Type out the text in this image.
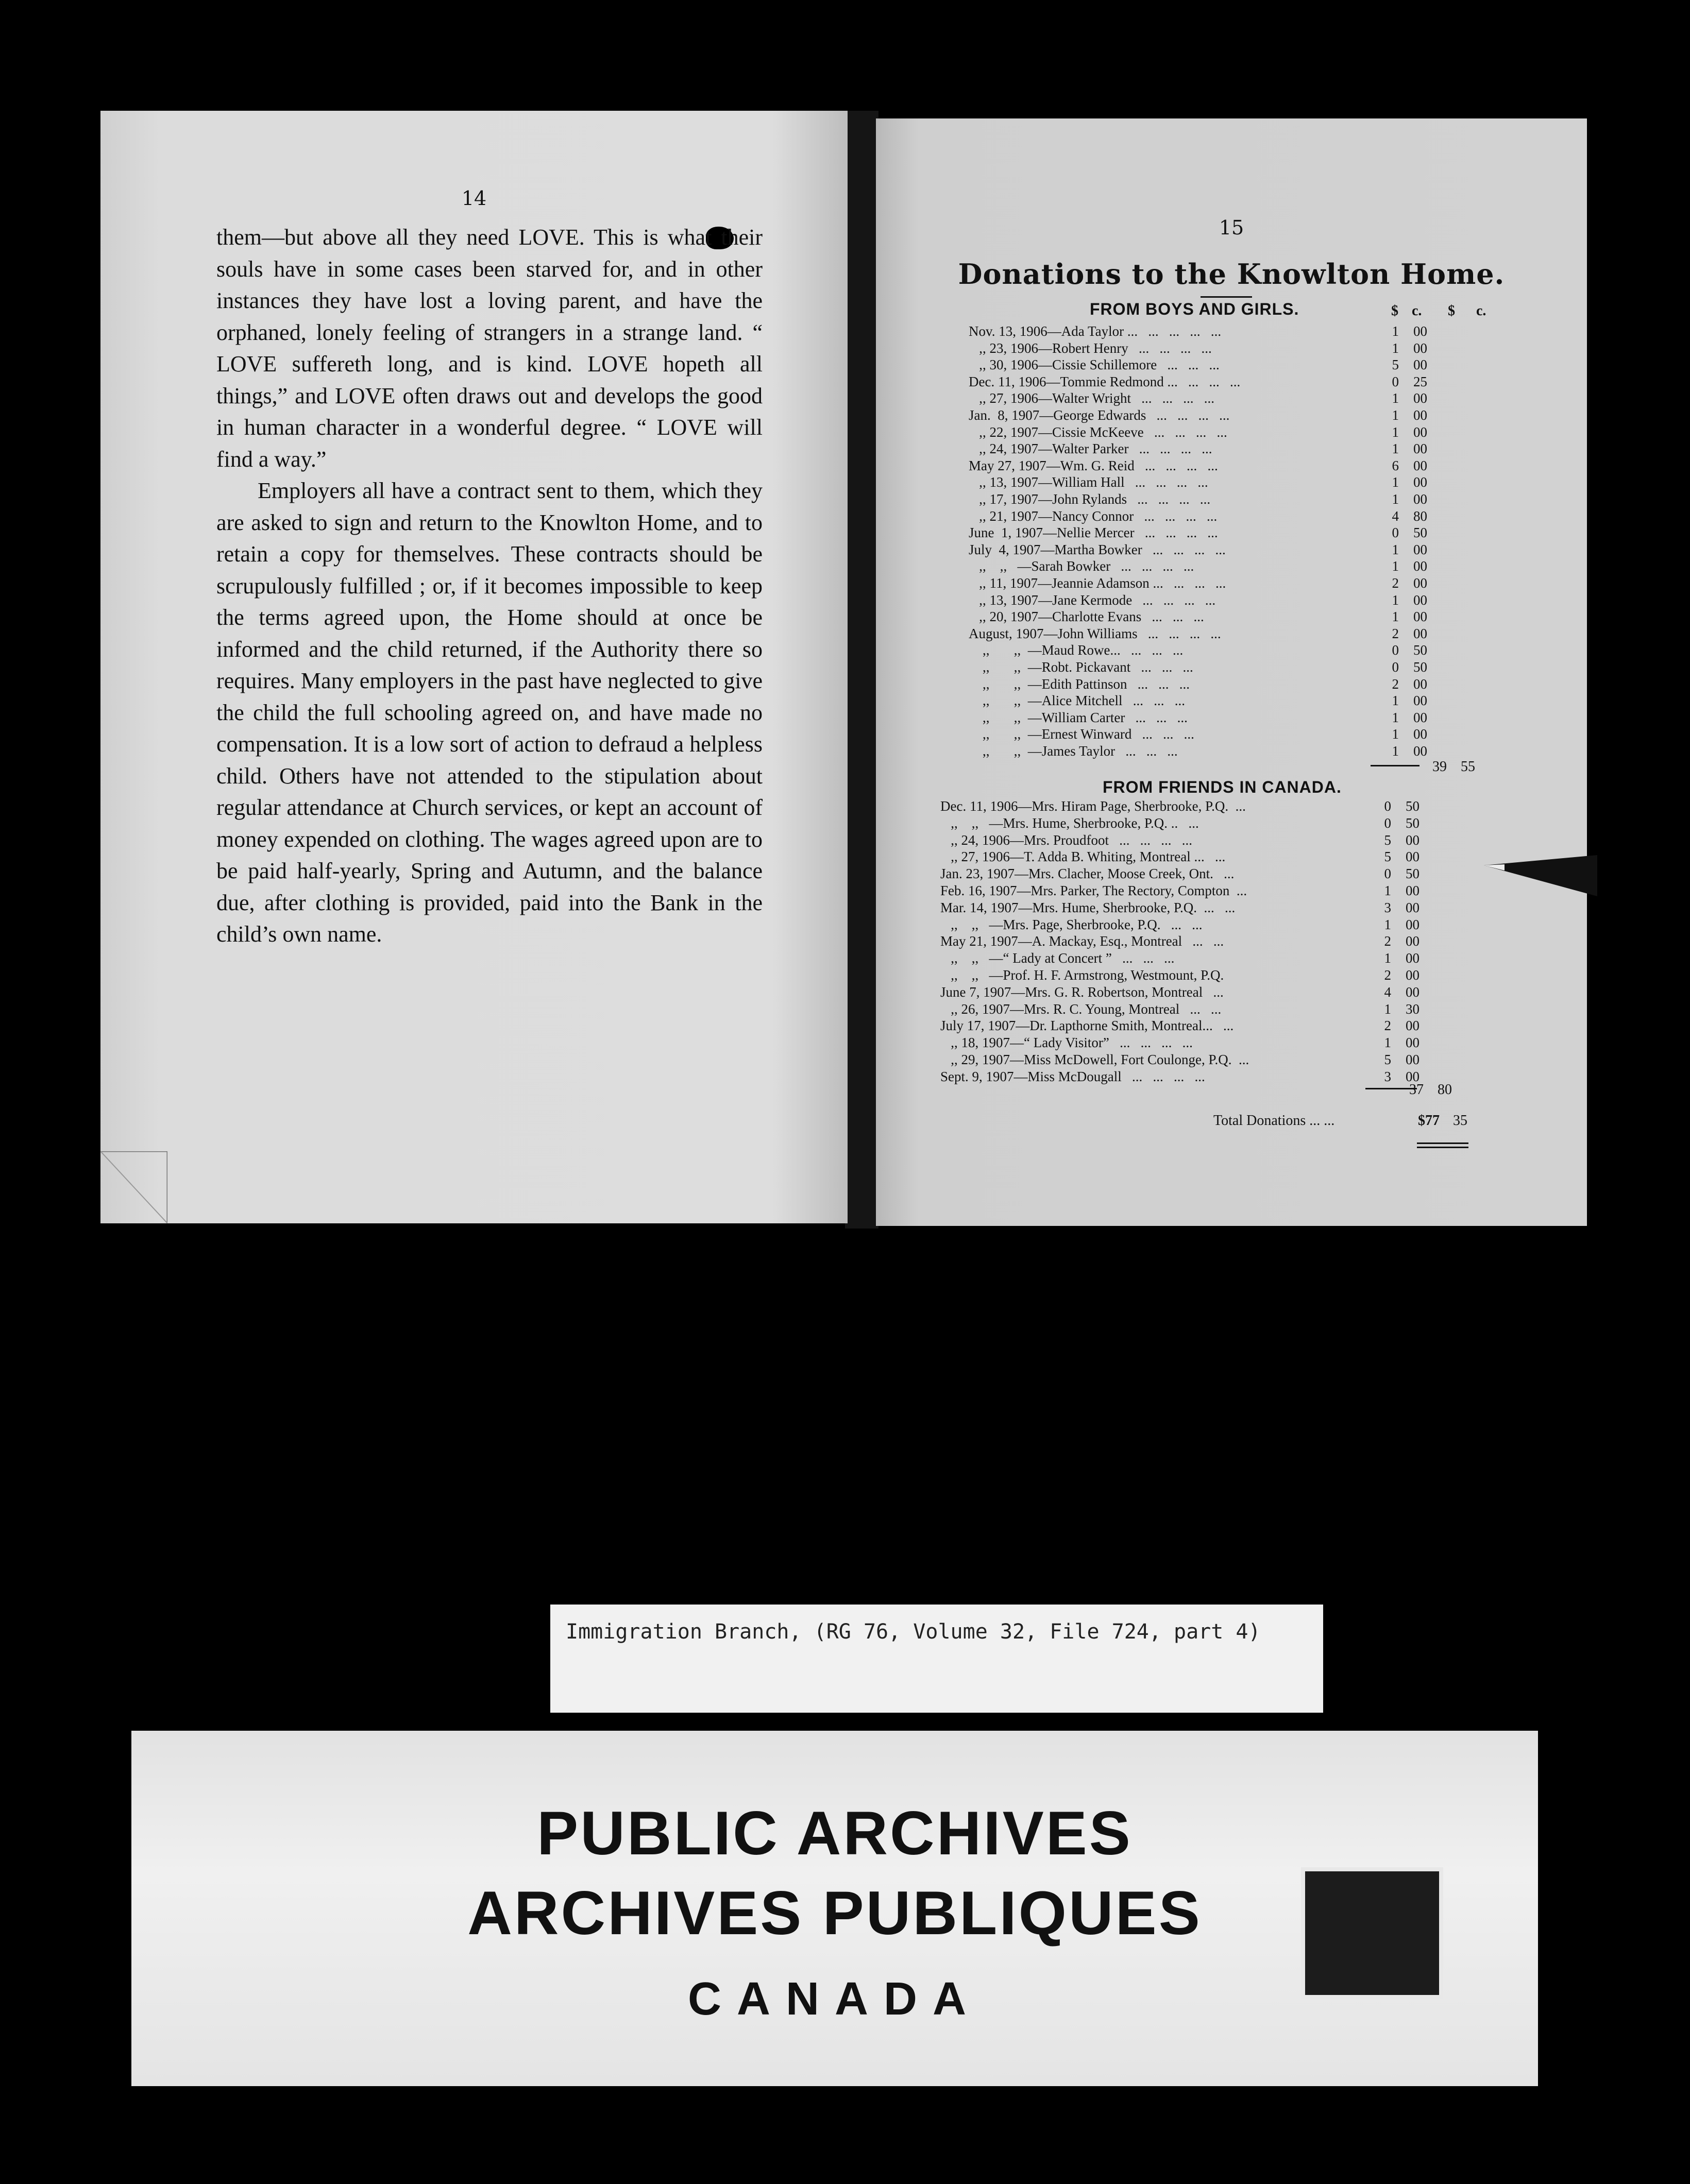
14

them—but above all they need LOVE. This is what their souls have in some cases been starved for, and in other instances they have lost a loving parent, and have the orphaned, lonely feeling of strangers in a strange land. “ LOVE suffereth long, and is kind. LOVE hopeth all things,” and LOVE often draws out and develops the good in human character in a wonderful degree. “ LOVE will find a way.”

Employers all have a contract sent to them, which they are asked to sign and return to the Knowlton Home, and to retain a copy for themselves. These contracts should be scrupulously fulfilled ; or, if it becomes impossible to keep the terms agreed upon, the Home should at once be informed and the child returned, if the Authority there so requires. Many employers in the past have neglected to give the child the full schooling agreed on, and have made no compensation. It is a low sort of action to defraud a helpless child. Others have not attended to the stipulation about regular attendance at Church services, or kept an account of money expended on clothing. The wages agreed upon are to be paid half-yearly, Spring and Autumn, and the balance due, after clothing is provided, paid into the Bank in the child’s own name.

15
Donations to the Knowlton Home.
FROM BOYS AND GIRLS.	$ c. $ c.
Nov. 13, 1906—Ada Taylor ...   ...   ...   ...   ...	1	00
,, 23, 1906—Robert Henry   ...   ...   ...   ...	1	00
,, 30, 1906—Cissie Schillemore   ...   ...   ...	5	00
Dec. 11, 1906—Tommie Redmond ...   ...   ...   ...	0	25
,, 27, 1906—Walter Wright   ...   ...   ...   ...	1	00
Jan.  8, 1907—George Edwards   ...   ...   ...   ...	1	00
,, 22, 1907—Cissie McKeeve   ...   ...   ...   ...	1	00
,, 24, 1907—Walter Parker   ...   ...   ...   ...	1	00
May 27, 1907—Wm. G. Reid   ...   ...   ...   ...	6	00
,, 13, 1907—William Hall   ...   ...   ...   ...	1	00
,, 17, 1907—John Rylands   ...   ...   ...   ...	1	00
,, 21, 1907—Nancy Connor   ...   ...   ...   ...	4	80
June  1, 1907—Nellie Mercer   ...   ...   ...   ...	0	50
July  4, 1907—Martha Bowker   ...   ...   ...   ...	1	00
,,    ,,   —Sarah Bowker   ...   ...   ...   ...	1	00
,, 11, 1907—Jeannie Adamson ...   ...   ...   ...	2	00
,, 13, 1907—Jane Kermode   ...   ...   ...   ...	1	00
,, 20, 1907—Charlotte Evans   ...   ...   ...	1	00
August, 1907—John Williams   ...   ...   ...   ...	2	00
,,       ,,  —Maud Rowe...   ...   ...   ...	0	50
,,       ,,  —Robt. Pickavant   ...   ...   ...	0	50
,,       ,,  —Edith Pattinson   ...   ...   ...	2	00
,,       ,,  —Alice Mitchell   ...   ...   ...	1	00
,,       ,,  —William Carter   ...   ...   ...	1	00
,,       ,,  —Ernest Winward   ...   ...   ...	1	00
,,       ,,  —James Taylor   ...   ...   ...	1	00
39 55
FROM FRIENDS IN CANADA.
Dec. 11, 1906—Mrs. Hiram Page, Sherbrooke, P.Q.  ...	0	50
,,    ,,   —Mrs. Hume, Sherbrooke, P.Q. ..   ...	0	50
,, 24, 1906—Mrs. Proudfoot   ...   ...   ...   ...	5	00
,, 27, 1906—T. Adda B. Whiting, Montreal ...   ...	5	00
Jan. 23, 1907—Mrs. Clacher, Moose Creek, Ont.   ...	0	50
Feb. 16, 1907—Mrs. Parker, The Rectory, Compton  ...	1	00
Mar. 14, 1907—Mrs. Hume, Sherbrooke, P.Q.  ...   ...	3	00
,,    ,,   —Mrs. Page, Sherbrooke, P.Q.   ...   ...	1	00
May 21, 1907—A. Mackay, Esq., Montreal   ...   ...	2	00
,,    ,,   —“ Lady at Concert ”   ...   ...   ...	1	00
,,    ,,   —Prof. H. F. Armstrong, Westmount, P.Q.	2	00
June 7, 1907—Mrs. G. R. Robertson, Montreal   ...	4	00
,, 26, 1907—Mrs. R. C. Young, Montreal   ...   ...	1	30
July 17, 1907—Dr. Lapthorne Smith, Montreal...   ...	2	00
,, 18, 1907—“ Lady Visitor”   ...   ...   ...   ...	1	00
,, 29, 1907—Miss McDowell, Fort Coulonge, P.Q.  ...	5	00
Sept. 9, 1907—Miss McDougall   ...   ...   ...   ...	3	00
37 80
Total Donations ... ...	$77 35
Immigration Branch, (RG 76, Volume 32, File 724, part 4)
PUBLIC ARCHIVES
ARCHIVES PUBLIQUES
CANADA
